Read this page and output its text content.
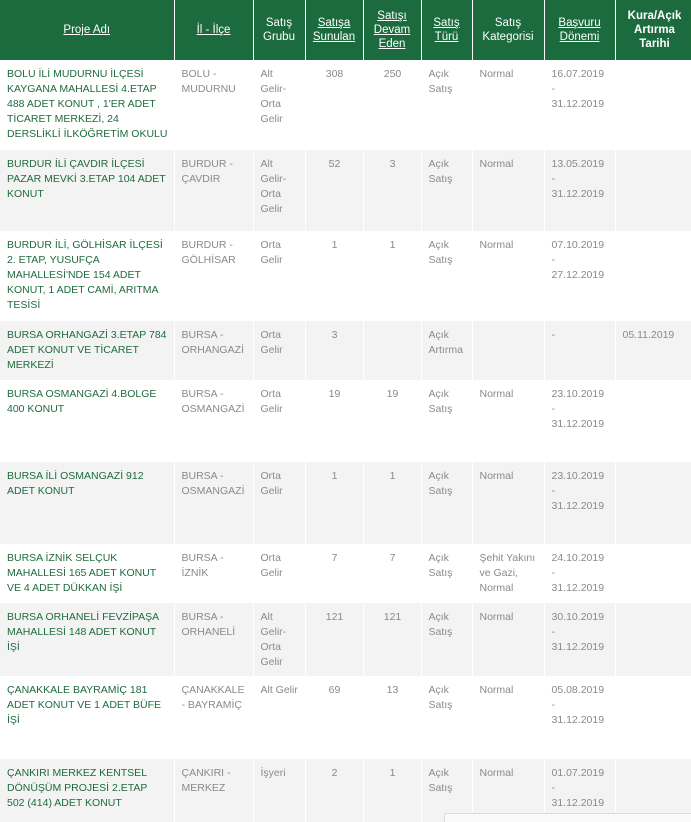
Proje Adı	İl - İlçe	Satış Grubu	Satışa Sunulan	Satışı Devam Eden	Satış Türü	Satış Kategorisi	Başvuru Dönemi	Kura/Açık Artırma Tarihi
BOLU İLİ MUDURNU İLÇESİ KAYGANA MAHALLESİ 4.ETAP 488 ADET KONUT , 1'ER ADET TİCARET MERKEZİ, 24 DERSLİKLİ İLKÖĞRETİM OKULU	BOLU - MUDURNU	Alt Gelir-Orta Gelir	308	250	Açık Satış	Normal	16.07.2019 - 31.12.2019	
BURDUR İLİ ÇAVDIR İLÇESİ PAZAR MEVKİ 3.ETAP 104 ADET KONUT	BURDUR - ÇAVDIR	Alt Gelir-Orta Gelir	52	3	Açık Satış	Normal	13.05.2019 - 31.12.2019	
BURDUR İLİ, GÖLHİSAR İLÇESİ 2. ETAP, YUSUFÇA MAHALLESİ'NDE 154 ADET KONUT, 1 ADET CAMİ, ARITMA TESİSİ	BURDUR - GÖLHİSAR	Orta Gelir	1	1	Açık Satış	Normal	07.10.2019 - 27.12.2019	
BURSA ORHANGAZİ 3.ETAP 784 ADET KONUT VE TİCARET MERKEZİ	BURSA - ORHANGAZİ	Orta Gelir	3		Açık Artırma		-	05.11.2019
BURSA OSMANGAZİ 4.BOLGE 400 KONUT	BURSA - OSMANGAZİ	Orta Gelir	19	19	Açık Satış	Normal	23.10.2019 - 31.12.2019	
BURSA İLİ OSMANGAZİ 912 ADET KONUT	BURSA - OSMANGAZİ	Orta Gelir	1	1	Açık Satış	Normal	23.10.2019 - 31.12.2019	
BURSA İZNİK SELÇUK MAHALLESİ 165 ADET KONUT VE 4 ADET DÜKKAN İŞİ	BURSA - İZNİK	Orta Gelir	7	7	Açık Satış	Şehit Yakını ve Gazi, Normal	24.10.2019 - 31.12.2019	
BURSA ORHANELİ FEVZİPAŞA MAHALLESİ 148 ADET KONUT İŞİ	BURSA - ORHANELİ	Alt Gelir-Orta Gelir	121	121	Açık Satış	Normal	30.10.2019 - 31.12.2019	
ÇANAKKALE BAYRAMİÇ 181 ADET KONUT VE 1 ADET BÜFE İŞİ	ÇANAKKALE - BAYRAMİÇ	Alt Gelir	69	13	Açık Satış	Normal	05.08.2019 - 31.12.2019	
ÇANKIRI MERKEZ KENTSEL DÖNÜŞÜM PROJESİ 2.ETAP 502 (414) ADET KONUT	ÇANKIRI - MERKEZ	İşyeri	2	1	Açık Satış	Normal	01.07.2019 - 31.12.2019	
